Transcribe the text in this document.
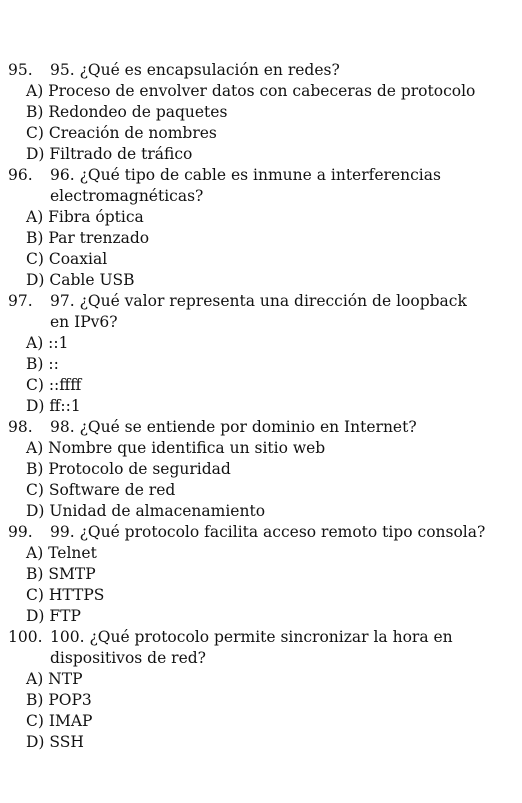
95.	95. ¿Qué es encapsulación en redes?
A) Proceso de envolver datos con cabeceras de protocolo
B) Redondeo de paquetes
C) Creación de nombres
D) Filtrado de tráfico
96.	96. ¿Qué tipo de cable es inmune a interferencias electromagnéticas?
A) Fibra óptica
B) Par trenzado
C) Coaxial
D) Cable USB
97.	97. ¿Qué valor representa una dirección de loopback en IPv6?
A) ::1
B) ::
C) ::ffff
D) ff::1
98.	98. ¿Qué se entiende por dominio en Internet?
A) Nombre que identifica un sitio web
B) Protocolo de seguridad
C) Software de red
D) Unidad de almacenamiento
99.	99. ¿Qué protocolo facilita acceso remoto tipo consola?
A) Telnet
B) SMTP
C) HTTPS
D) FTP
100. 100. ¿Qué protocolo permite sincronizar la hora en dispositivos de red?
A) NTP
B) POP3
C) IMAP
D) SSH
